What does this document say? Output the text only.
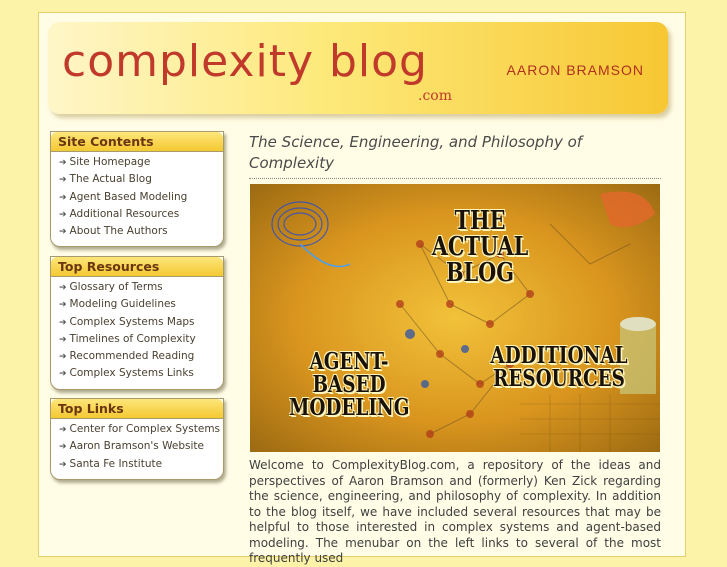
complexity blog
.com
AARON BRAMSON
Site Contents
➔ Site Homepage
➔ The Actual Blog
➔ Agent Based Modeling
➔ Additional Resources
➔ About The Authors
Top Resources
➔ Glossary of Terms
➔ Modeling Guidelines
➔ Complex Systems Maps
➔ Timelines of Complexity
➔ Recommended Reading
➔ Complex Systems Links
Top Links
➔ Center for Complex Systems
➔ Aaron Bramson's Website
➔ Santa Fe Institute
The Science, Engineering, and Philosophy of Complexity
THE
ACTUAL
BLOG
AGENT-
BASED
MODELING
ADDITIONAL
RESOURCES
Welcome to ComplexityBlog.com, a repository of the ideas and perspectives of Aaron Bramson and (formerly) Ken Zick regarding the science, engineering, and philosophy of complexity. In addition to the blog itself, we have included several resources that may be helpful to those interested in complex systems and agent-based modeling. The menubar on the left links to several of the most frequently used
